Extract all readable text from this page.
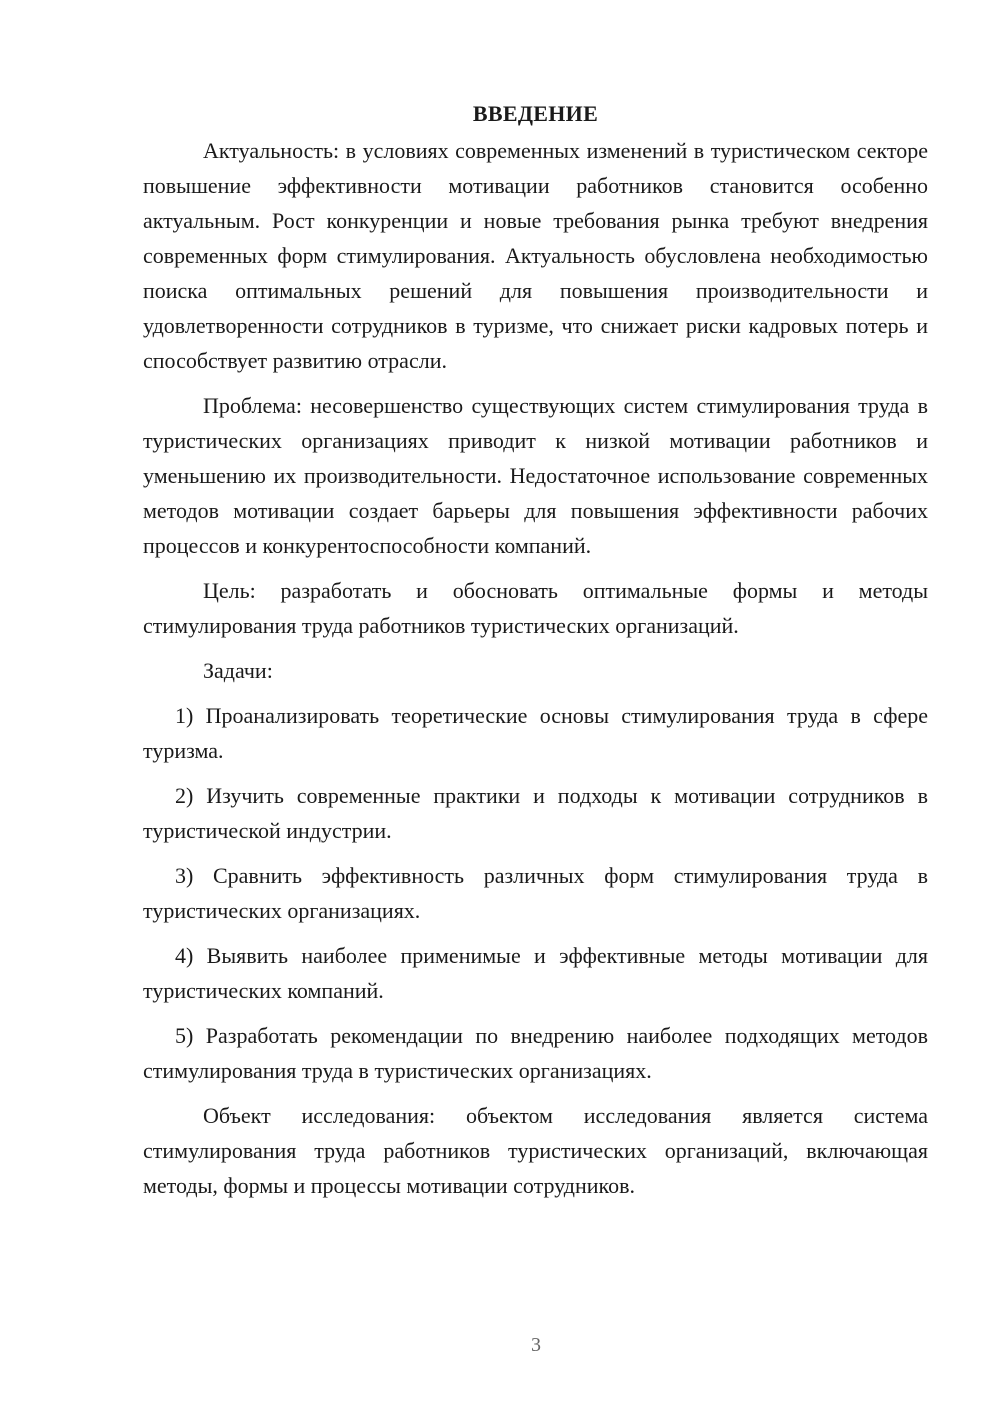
ВВЕДЕНИЕ

Актуальность: в условиях современных изменений в туристическом секторе повышение эффективности мотивации работников становится особенно актуальным. Рост конкуренции и новые требования рынка требуют внедрения современных форм стимулирования. Актуальность обусловлена необходимостью поиска оптимальных решений для повышения производительности и удовлетворенности сотрудников в туризме, что снижает риски кадровых потерь и способствует развитию отрасли.

Проблема: несовершенство существующих систем стимулирования труда в туристических организациях приводит к низкой мотивации работников и уменьшению их производительности. Недостаточное использование современных методов мотивации создает барьеры для повышения эффективности рабочих процессов и конкурентоспособности компаний.

Цель: разработать и обосновать оптимальные формы и методы стимулирования труда работников туристических организаций.

Задачи:

1) Проанализировать теоретические основы стимулирования труда в сфере туризма.

2) Изучить современные практики и подходы к мотивации сотрудников в туристической индустрии.

3) Сравнить эффективность различных форм стимулирования труда в туристических организациях.

4) Выявить наиболее применимые и эффективные методы мотивации для туристических компаний.

5) Разработать рекомендации по внедрению наиболее подходящих методов стимулирования труда в туристических организациях.

Объект исследования: объектом исследования является система стимулирования труда работников туристических организаций, включающая методы, формы и процессы мотивации сотрудников.

3
